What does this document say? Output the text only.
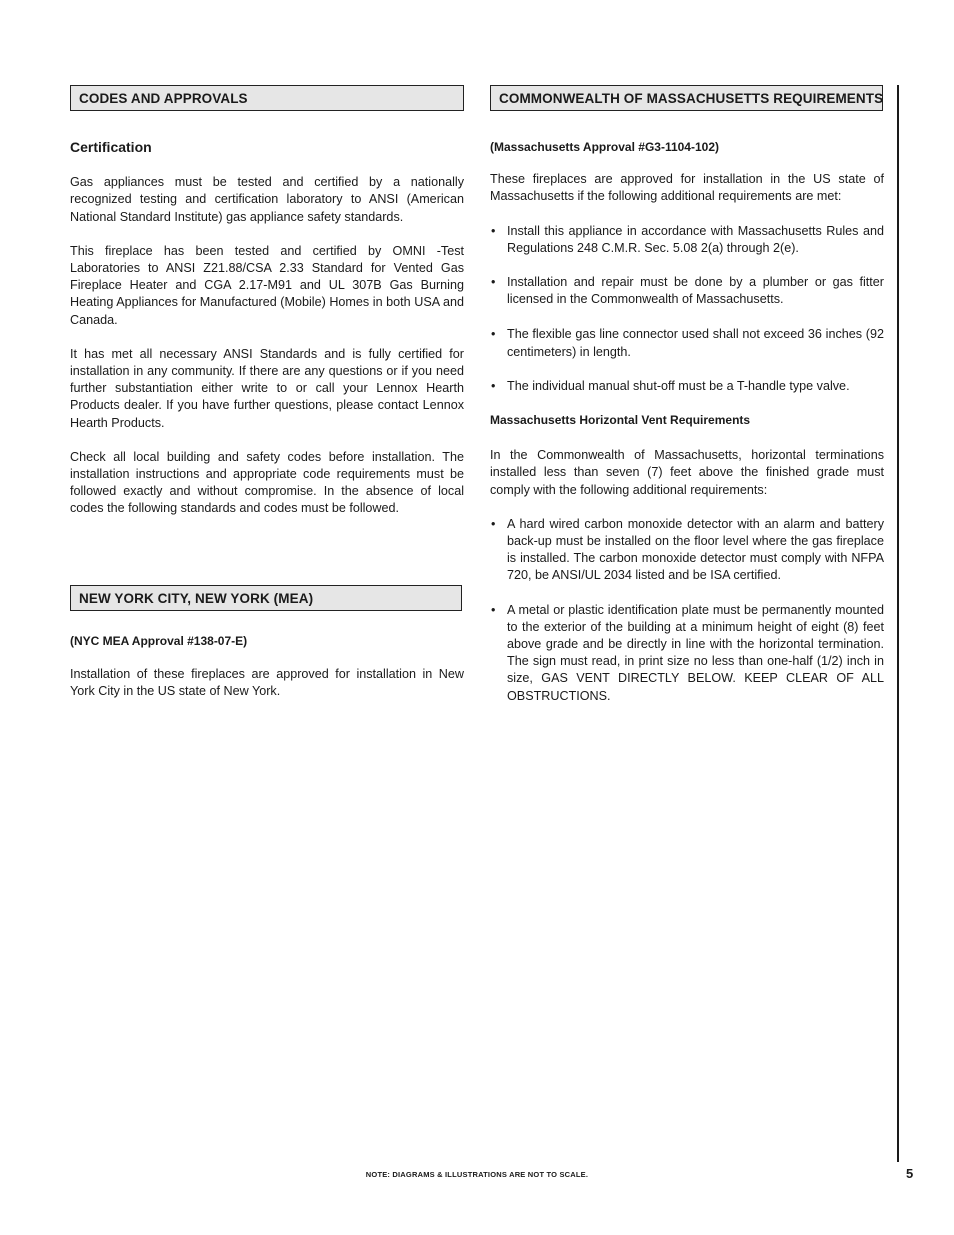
CODES AND APPROVALS

Certification

Gas appliances must be tested and certified by a nationally recognized testing and certification laboratory to ANSI (American National Standard Institute) gas appliance safety standards.

This fireplace has been tested and certified by OMNI -Test Laboratories to ANSI Z21.88/CSA 2.33 Standard for Vented Gas Fireplace Heater and CGA 2.17-M91 and UL 307B Gas Burning Heating Appliances for Manufactured (Mobile) Homes in both USA and Canada.

It has met all necessary ANSI Standards and is fully certified for installation in any community. If there are any questions or if you need further substantiation either write to or call your Lennox Hearth Products dealer. If you have further questions, please contact Lennox Hearth Products.

Check all local building and safety codes before installation. The installation instructions and appropriate code requirements must be followed exactly and without compromise. In the absence of local codes the following standards and codes must be followed.

NEW YORK CITY, NEW YORK (MEA)

(NYC MEA Approval #138-07-E)

Installation of these fireplaces are approved for installation in New York City in the US state of New York.

COMMONWEALTH OF MASSACHUSETTS REQUIREMENTS

(Massachusetts Approval #G3-1104-102)

These fireplaces are approved for installation in the US state of Massachusetts if the following additional requirements are met:

• Install this appliance in accordance with Massachusetts Rules and Regulations 248 C.M.R. Sec. 5.08 2(a) through 2(e).
• Installation and repair must be done by a plumber or gas fitter licensed in the Commonwealth of Massachusetts.
• The flexible gas line connector used shall not exceed 36 inches (92 centimeters) in length.
• The individual manual shut-off must be a T-handle type valve.

Massachusetts Horizontal Vent Requirements

In the Commonwealth of Massachusetts, horizontal terminations installed less than seven (7) feet above the finished grade must comply with the following additional requirements:

• A hard wired carbon monoxide detector with an alarm and battery back-up must be installed on the floor level where the gas fireplace is installed. The carbon monoxide detector must comply with NFPA 720, be ANSI/UL 2034 listed and be ISA certified.
• A metal or plastic identification plate must be permanently mounted to the exterior of the building at a minimum height of eight (8) feet above grade and be directly in line with the horizontal termination. The sign must read, in print size no less than one-half (1/2) inch in size, GAS VENT DIRECTLY BELOW. KEEP CLEAR OF ALL OBSTRUCTIONS.
NOTE: DIAGRAMS & ILLUSTRATIONS ARE NOT TO SCALE.	5
